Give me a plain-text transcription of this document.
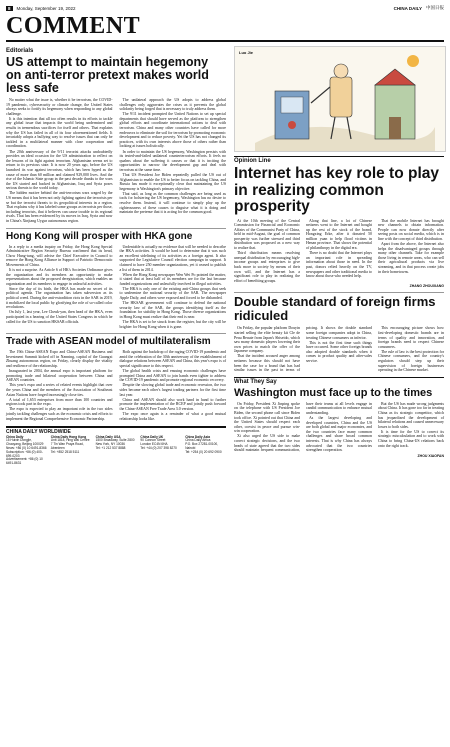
8	Monday, September 19, 2022	CHINA DAILY 中国日报
COMMENT
Editorials
US attempt to maintain hegemony on anti-terror pretext makes world less safe

No matter what the issue is, whether it be terrorism, the COVID-19 pandemic, cybersecurity or climate change, the United States always seeks to fortify its hegemony when responding to any global challenge.

It is this intention that all too often results in its efforts to tackle any global issue that impacts the world being undermined and results in tremendous sacrifices for itself and others. That explains why the US has failed in all of its four aforementioned fields. It invariably adopts a bullying way to resolve issues that can only be tackled in a multilateral manner with close cooperation and coordination.

The 20th anniversary of the 9/11 terrorist attacks undoubtedly provides an ideal occasion for the US administration to reflect on the lessons of its fight against terrorism. Afghanistan seems set to return to its previous state. It is now 20 years ago, before the US launched its war against terrorism, which has been hyped as the cause of more than 60 million and claimed 929,000 lives. And the rise of the Islamic State group in the past decade thanks to the wars the US started and backed in Afghanistan, Iraq and Syria poses serious threats to the world today.

The hidden motive behind the anti-terrorism wars waged by the US means that it has been not only fighting against the terrorists per se but the terrorist threats to its geopolitical interests in a region. That explains why it has labeled some groups as terrorists per those, including terrorists, that it believes can cause trouble to its regional rivals. That has been evidenced by its moves in Iraq, Syria and now in China's Xinjiang Uygur autonomous region.

The unilateral approach the US adopts to address global challenges only aggravates the crises as it prevents the global solidarity being forged that is necessary to truly address them.

The 9/11 incident prompted the United Nations to set up special departments that should have served as the platform to strengthen global efforts and coordinate international actions to deal with terrorism. China and many other countries have called for more endeavors to eliminate the soil for terrorism by promoting economic development and to reduce poverty. Yet the US has not changed its practices, with its own interests above those of others rather than looking at issues holistically.

In order to maintain the US hegemony, Washington persists with its tested-and-failed unilateral counterterrorism efforts. It feels no qualms about the suffering it causes or that it is inciting the opportunities to narrow the development gap and deal with terrorism at the same time.

That US President Joe Biden repeatedly pulled the US out of Afghanistan to enable the US to better focus on tackling China, and Russia has made it exceptionally clear that maintaining the US hegemony is Washington's primary objective.

That said, as long as the common challenges are being used as tools for bolstering the US hegemony, Washington has no desire to resolve them. Instead, it will continue to simply play up the righteousness of these causes to disguise what it is doing and maintain the pretense that it is acting for the common good.

Hong Kong will prosper with HKA gone

In a reply to a media inquiry on Friday, the Hong Kong Special Administrative Region Security Bureau confirmed that its head, Chow Hang-tung, will advise the Chief Executive in Council to remove the Hong Kong Alliance in Support of Patriotic Democratic Movements of China.

It is not a surprise. As Article 6 of HK's Societies Ordinance gives the organization and its members an opportunity to make representations about the proposed deregistration, which enables an organization and its members to engage in unlawful activities.

Since the day of its birth, the HKA has made no secret of its political agenda. The organization has taken subversion as its political creed. During the anti-extradition riots in the SAR in 2019, it mobilized the local public by glorifying the role of so-called color revolutions.

On July 1, last year, Lee Cheuk-yan, then head of the HKA, even participated in a hearing of the United States Congress in which he called for the US to sanction HKSAR officials.

Undeniable is actually no evidence that will be needed to describe the HKA activities. It would be hard to determine that it was such an excellent sidelining of its activities as a foreign agent. It also supported the Legislative Council election campaign in support. It claimed to have 250 member organizations, yet it ceased to publish a list of them in 2014.

When the Hong Kong newspaper Wen Wei Po pointed the matter, it stated that at least half of its members are for the last because funded organizations and unlawfully involved in illegal activities.

The HKA is only one of the existing anti-China groups that seek to undermine the national security of the SAR. The newspaper Apple Daily, and others were exposed and forced to be disbanded.

The HKSAR government will continue to defend the national security law of the SAR, the groups identifying itself as the foundation for stability in Hong Kong. Those diverse organizations in Hong Kong must realize that their end is near.

The HKA is set to be struck from the register, but the city will be brighter for Hong Kong when it is gone.

Trade with ASEAN model of multilateralism

The 19th China-ASEAN Expo and China-ASEAN Business and Investment Summit kicked off in Nanning, capital of the Guangxi Zhuang autonomous region, on Friday, clearly display the vitality and resilience of the relationship.

Inaugurated in 2004, the annual expo is important platform for promoting trade and bilateral cooperation between China and ASEAN countries.

This year's expo and a series of related events highlight that over the years China and the members of the Association of Southeast Asian Nations have forged increasingly close ties.

A total of 1,653 enterprises from more than 100 countries and regions took part in the expo.

The expo is expected to play an important role in the two sides jointly tackling challenges such as the economic crisis and efforts to implement the Regional Comprehensive Economic Partnership.

Both against the backdrop of the raging COVID-19 pandemic and amid the celebration of the 30th anniversary of the establishment of dialogue relations between ASEAN and China, this year's expo is of special significance to this respect.

The global health crisis and ensuing economic challenges have prompted China and ASEAN to join hands even tighter to address the COVID-19 pandemic and promote regional economic recovery.

Despite the slowing global trade and economic recession, the two sides became each other's largest trading partners for the first time last year.

China and ASEAN should also work hand in hand to further promote the implementation of the RCEP and jointly push forward the China-ASEAN Free Trade Area 3.0 version.

The expo once again is a reminder of what a good mutual relationship looks like.

CHINA DAILY WORLDWIDE
China Daily
15 Huixin Dongjie, Chaoyang, Beijing 100029
News: +86 (0) 10 6491-8366
Subscription: +86 (0) 400-699-0203
Advertisement: +86 (0) 10 6491-8631
China Daily Hong Kong
Unit 1818, Hing Wai Centre
7 Tin Wan Praya Road, Aberdeen
Tel: +852 2518 5111
China Daily USA
1500 Broadway, Suite 2800
New York, NY 10036
Tel: +1 212 537 8888
China Daily UK
90 Cannon Street
London EC4N 6HA
Tel: +44 (0) 207 398 8270
China Daily Asia
China Daily Africa
P.O. Box 27281-00100, Nairobi
Tel: +254 (0) 20 692 0900
Luo Jie
Opinion Line
Internet has key role to play in realizing common prosperity

At the 10th meeting of the Central Commission for Financial and Economic Affairs of the Communist Party of China, held in mid-August, the goal of common prosperity was further stressed and third distribution was proposed as a new way to realize that.

Third distribution means resolving unequal distribution by encouraging high-income groups and enterprises to give back more to society by means of their own will, and the Internet has a significant role to play in realizing the effort of benefiting groups.

Along that line, a lot of Chinese netizens went to the Internet and bought up the rest of the stock of the brand, Hongxing Erke, after it donated 50 million yuan to help flood victims in Henan province. That shows the potential of philanthropy in the digital era.

There is no doubt that the Internet plays an important role in spreading information about those in need. In the past, donors relied heavily on the TV, newspapers and other traditional media to know about those who needed help.

That the mobile Internet has brought new channels to obtain information. People can now donate directly after seeing posts on social media, which is in line with the concept of third distribution.

Apart from the above, the Internet also helps the disadvantaged groups through many other channels. Take for example those living in remote areas, who can sell their agricultural products via live streaming, and in that process create jobs in their hometowns.

ZHANG ZHOUXIANG
Double standard of foreign firms ridiculed

On Friday, the popular platform Douyin started selling the elite beauty kit Cle de Peau Beaute from Japan's Shiseido, which saw many domestic players lowering their own prices to match the offer of the Japanese company.

That the incident aroused anger among netizens because this should not have been the case for a brand that has had similar issues in the past in terms of pricing. It shows the double standard some foreign companies adopt in China, treating Chinese consumers as inferior.

This is not the first time such things have occurred. Some other foreign brands also adopted double standards when it comes to product quality and after-sales service.

This encouraging picture shows how fast-developing domestic brands are in terms of quality and innovation, and foreign brands need to respect Chinese consumers.

The rule of law is the best protection for Chinese consumers, and the country's regulators should step up their supervision of foreign businesses operating in the Chinese market.

What They Say
Washington must face up to the times

On Friday, President Xi Jinping spoke on the telephone with US President Joe Biden, the second phone call since Biden took office. Xi pointed out that China and the United States should respect each other, coexist in peace and pursue win-win cooperation.

Xi also urged the US side to make correct strategic decisions, and the two heads of state agreed that the two sides should maintain frequent communication, have their teams at all levels engage in candid communication to enhance mutual understanding.

As the largest developing and developed countries, China and the US are both global and major economies, and the two countries face many common challenges and share broad common interests. That is why China has always advocated that the two countries strengthen cooperation.

But the US has made wrong judgments about China. It has gone too far in treating China as its strategic competitor, which has jeopardized the development of bilateral relations and caused unnecessary losses to both sides.

It is time for the US to correct its strategic miscalculation and to work with China to bring China-US relations back onto the right track.

ZHOU XIAOFAN
